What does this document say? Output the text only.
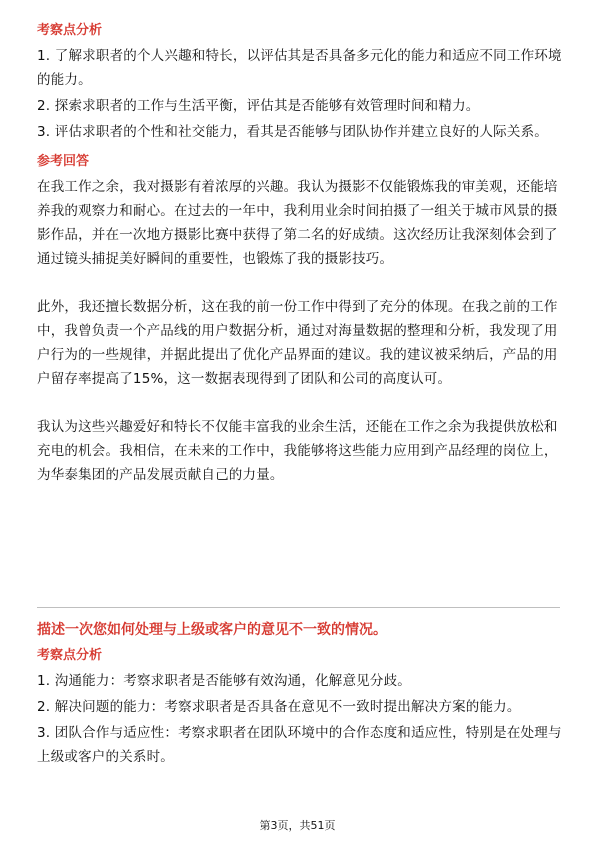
考察点分析
1. 了解求职者的个人兴趣和特长，以评估其是否具备多元化的能力和适应不同工作环境的能力。
2. 探索求职者的工作与生活平衡，评估其是否能够有效管理时间和精力。
3. 评估求职者的个性和社交能力，看其是否能够与团队协作并建立良好的人际关系。
参考回答
在我工作之余，我对摄影有着浓厚的兴趣。我认为摄影不仅能锻炼我的审美观，还能培养我的观察力和耐心。在过去的一年中，我利用业余时间拍摄了一组关于城市风景的摄影作品，并在一次地方摄影比赛中获得了第二名的好成绩。这次经历让我深刻体会到了通过镜头捕捉美好瞬间的重要性，也锻炼了我的摄影技巧。
此外，我还擅长数据分析，这在我的前一份工作中得到了充分的体现。在我之前的工作中，我曾负责一个产品线的用户数据分析，通过对海量数据的整理和分析，我发现了用户行为的一些规律，并据此提出了优化产品界面的建议。我的建议被采纳后，产品的用户留存率提高了15%，这一数据表现得到了团队和公司的高度认可。
我认为这些兴趣爱好和特长不仅能丰富我的业余生活，还能在工作之余为我提供放松和充电的机会。我相信，在未来的工作中，我能够将这些能力应用到产品经理的岗位上，为华泰集团的产品发展贡献自己的力量。
描述一次您如何处理与上级或客户的意见不一致的情况。
考察点分析
1. 沟通能力：考察求职者是否能够有效沟通，化解意见分歧。
2. 解决问题的能力：考察求职者是否具备在意见不一致时提出解决方案的能力。
3. 团队合作与适应性：考察求职者在团队环境中的合作态度和适应性，特别是在处理与上级或客户的关系时。
第3页，共51页
